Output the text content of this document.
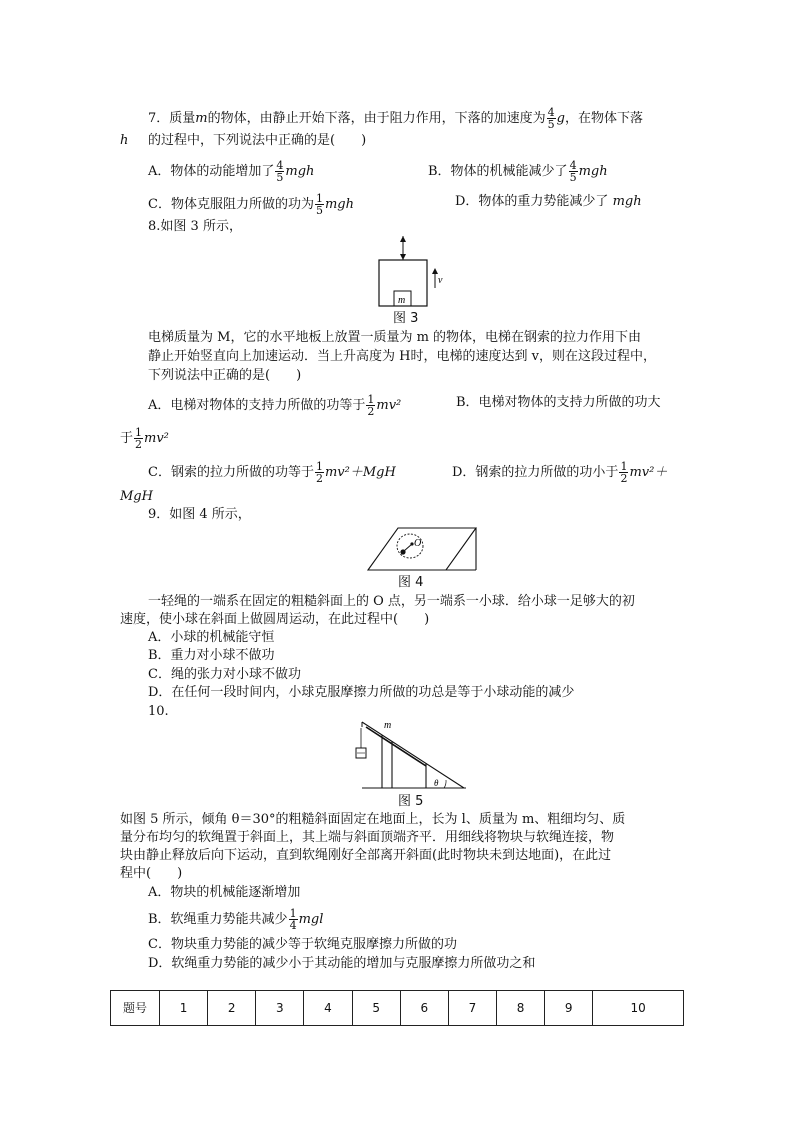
7．质量m的物体，由静止开始下落，由于阻力作用，下落的加速度为 $\frac{4}{5}$ g，在物体下落
h 的过程中，下列说法中正确的是(　　)
A．物体的动能增加了 $\frac{4}{5}$ mgh	B．物体的机械能减少了 $\frac{4}{5}$ mgh
C．物体克服阻力所做的功为 $\frac{1}{5}$ mgh	D．物体的重力势能减少了 mgh
8.如图 3 所示，
m
v
图 3
电梯质量为 M，它的水平地板上放置一质量为 m 的物体，电梯在钢索的拉力作用下由
静止开始竖直向上加速运动．当上升高度为 H时，电梯的速度达到 v，则在这段过程中，
下列说法中正确的是(　　)
A．电梯对物体的支持力所做的功等于 $\frac{1}{2} mv^2$	B．电梯对物体的支持力所做的功大
于 $\frac{1}{2} mv^2$
C．钢索的拉力所做的功等于 $\frac{1}{2} mv^2+MgH$	D．钢索的拉力所做的功小于 $\frac{1}{2} mv^2+$
MgH
9．如图 4 所示，
O
图 4
一轻绳的一端系在固定的粗糙斜面上的 O 点，另一端系一小球．给小球一足够大的初
速度，使小球在斜面上做圆周运动，在此过程中(　　)
A．小球的机械能守恒
B．重力对小球不做功
C．绳的张力对小球不做功
D．在任何一段时间内，小球克服摩擦力所做的功总是等于小球动能的减少
10.
m
θ
图 5
如图 5 所示，倾角 θ＝30°的粗糙斜面固定在地面上，长为 l、质量为 m、粗细均匀、质
量分布均匀的软绳置于斜面上，其上端与斜面顶端齐平．用细线将物块与软绳连接，物
块由静止释放后向下运动，直到软绳刚好全部离开斜面(此时物块未到达地面)，在此过
程中(　　)
A．物块的机械能逐渐增加
B．软绳重力势能共减少 $\frac{1}{4}$ mgl
C．物块重力势能的减少等于软绳克服摩擦力所做的功
D．软绳重力势能的减少小于其动能的增加与克服摩擦力所做功之和
题号	1	2	3	4	5	6	7	8	9	10
